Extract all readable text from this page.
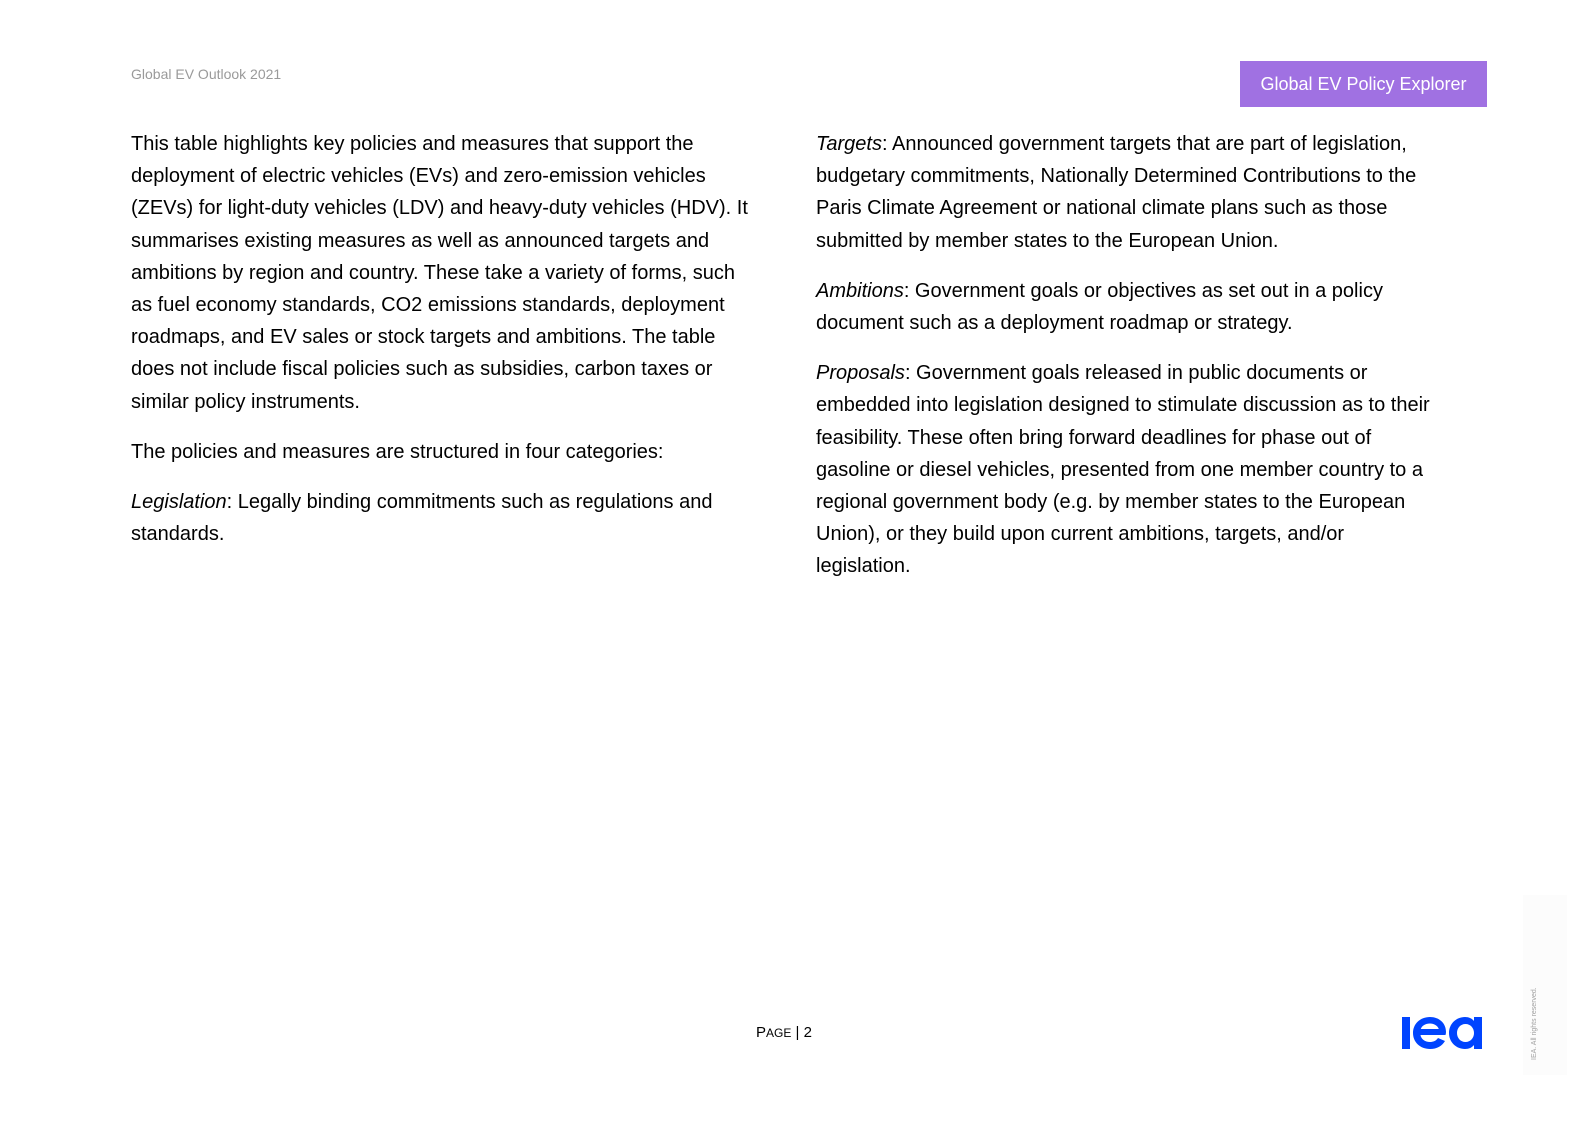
Global EV Outlook 2021	Global EV Policy Explorer

This table highlights key policies and measures that support the deployment of electric vehicles (EVs) and zero-emission vehicles (ZEVs) for light-duty vehicles (LDV) and heavy-duty vehicles (HDV). It summarises existing measures as well as announced targets and ambitions by region and country. These take a variety of forms, such as fuel economy standards, CO2 emissions standards, deployment roadmaps, and EV sales or stock targets and ambitions. The table does not include fiscal policies such as subsidies, carbon taxes or similar policy instruments.

The policies and measures are structured in four categories:

Legislation: Legally binding commitments such as regulations and standards.

Targets: Announced government targets that are part of legislation, budgetary commitments, Nationally Determined Contributions to the Paris Climate Agreement or national climate plans such as those submitted by member states to the European Union.

Ambitions: Government goals or objectives as set out in a policy document such as a deployment roadmap or strategy.

Proposals: Government goals released in public documents or embedded into legislation designed to stimulate discussion as to their feasibility. These often bring forward deadlines for phase out of gasoline or diesel vehicles, presented from one member country to a regional government body (e.g. by member states to the European Union), or they build upon current ambitions, targets, and/or legislation.

PAGE | 2	IEA. All rights reserved.
